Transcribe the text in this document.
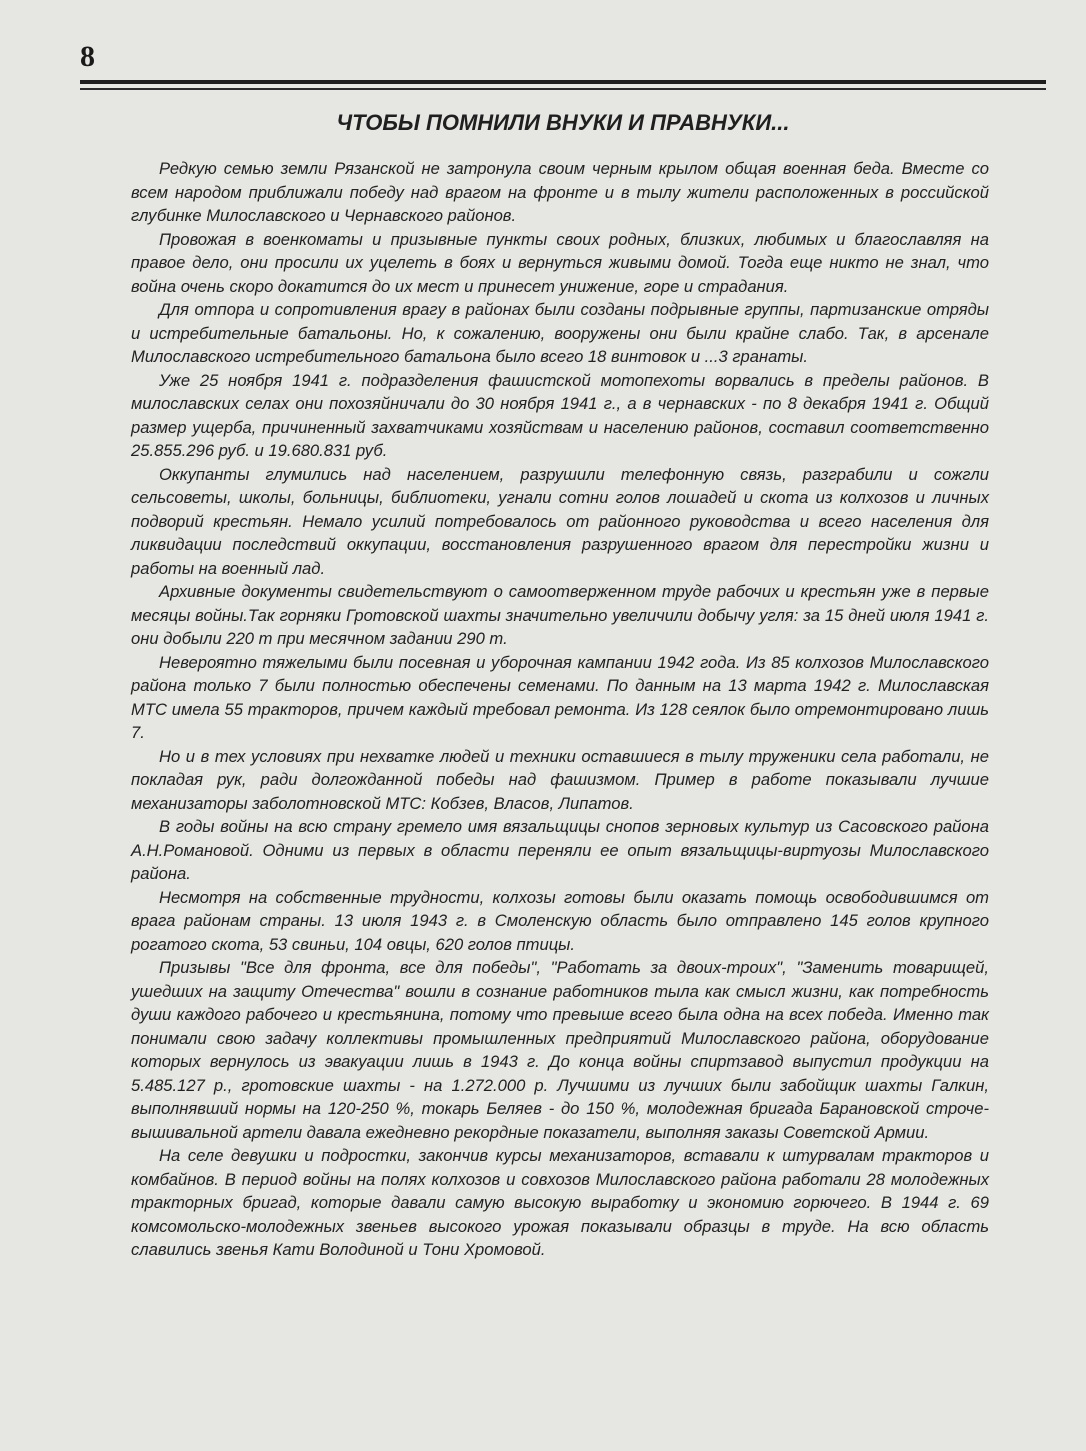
8
ЧТОБЫ ПОМНИЛИ ВНУКИ И ПРАВНУКИ...

Редкую семью земли Рязанской не затронула своим черным крылом общая военная беда. Вместе со всем народом приближали победу над врагом на фронте и в тылу жители расположенных в российской глубинке Милославского и Чернавского районов.

Провожая в военкоматы и призывные пункты своих родных, близких, любимых и благославляя на правое дело, они просили их уцелеть в боях и вернуться живыми домой. Тогда еще никто не знал, что война очень скоро докатится до их мест и принесет унижение, горе и страдания.

Для отпора и сопротивления врагу в районах были созданы подрывные группы, партизанские отряды и истребительные батальоны. Но, к сожалению, вооружены они были крайне слабо. Так, в арсенале Милославского истребительного батальона было всего 18 винтовок и ...3 гранаты.

Уже 25 ноября 1941 г. подразделения фашистской мотопехоты ворвались в пределы районов. В милославских селах они похозяйничали до 30 ноября 1941 г., а в чернавских - по 8 декабря 1941 г. Общий размер ущерба, причиненный захватчиками хозяйствам и населению районов, составил соответственно 25.855.296 руб. и 19.680.831 руб.

Оккупанты глумились над населением, разрушили телефонную связь, разграбили и сожгли сельсоветы, школы, больницы, библиотеки, угнали сотни голов лошадей и скота из колхозов и личных подворий крестьян. Немало усилий потребовалось от районного руководства и всего населения для ликвидации последствий оккупации, восстановления разрушенного врагом для перестройки жизни и работы на военный лад.

Архивные документы свидетельствуют о самоотверженном труде рабочих и крестьян уже в первые месяцы войны.Так горняки Гротовской шахты значительно увеличили добычу угля: за 15 дней июля 1941 г. они добыли 220 т при месячном задании 290 т.

Невероятно тяжелыми были посевная и уборочная кампании 1942 года. Из 85 колхозов Милославского района только 7 были полностью обеспечены семенами. По данным на 13 марта 1942 г. Милославская МТС имела 55 тракторов, причем каждый требовал ремонта. Из 128 сеялок было отремонтировано лишь 7.

Но и в тех условиях при нехватке людей и техники оставшиеся в тылу труженики села работали, не покладая рук, ради долгожданной победы над фашизмом. Пример в работе показывали лучшие механизаторы заболотновской МТС: Кобзев, Власов, Липатов.

В годы войны на всю страну гремело имя вязальщицы снопов зерновых культур из Сасовского района А.Н.Романовой. Одними из первых в области переняли ее опыт вязальщицы-виртуозы Милославского района.

Несмотря на собственные трудности, колхозы готовы были оказать помощь освободившимся от врага районам страны. 13 июля 1943 г. в Смоленскую область было отправлено 145 голов крупного рогатого скота, 53 свиньи, 104 овцы, 620 голов птицы.

Призывы "Все для фронта, все для победы", "Работать за двоих-троих", "Заменить товарищей, ушедших на защиту Отечества" вошли в сознание работников тыла как смысл жизни, как потребность души каждого рабочего и крестьянина, потому что превыше всего была одна на всех победа. Именно так понимали свою задачу коллективы промышленных предприятий Милославского района, оборудование которых вернулось из эвакуации лишь в 1943 г. До конца войны спиртзавод выпустил продукции на 5.485.127 р., гротовские шахты - на 1.272.000 р. Лучшими из лучших были забойщик шахты Галкин, выполнявший нормы на 120-250 %, токарь Беляев - до 150 %, молодежная бригада Барановской строче-вышивальной артели давала ежедневно рекордные показатели, выполняя заказы Советской Армии.

На селе девушки и подростки, закончив курсы механизаторов, вставали к штурвалам тракторов и комбайнов. В период войны на полях колхозов и совхозов Милославского района работали 28 молодежных тракторных бригад, которые давали самую высокую выработку и экономию горючего. В 1944 г. 69 комсомольско-молодежных звеньев высокого урожая показывали образцы в труде. На всю область славились звенья Кати Володиной и Тони Хромовой.
